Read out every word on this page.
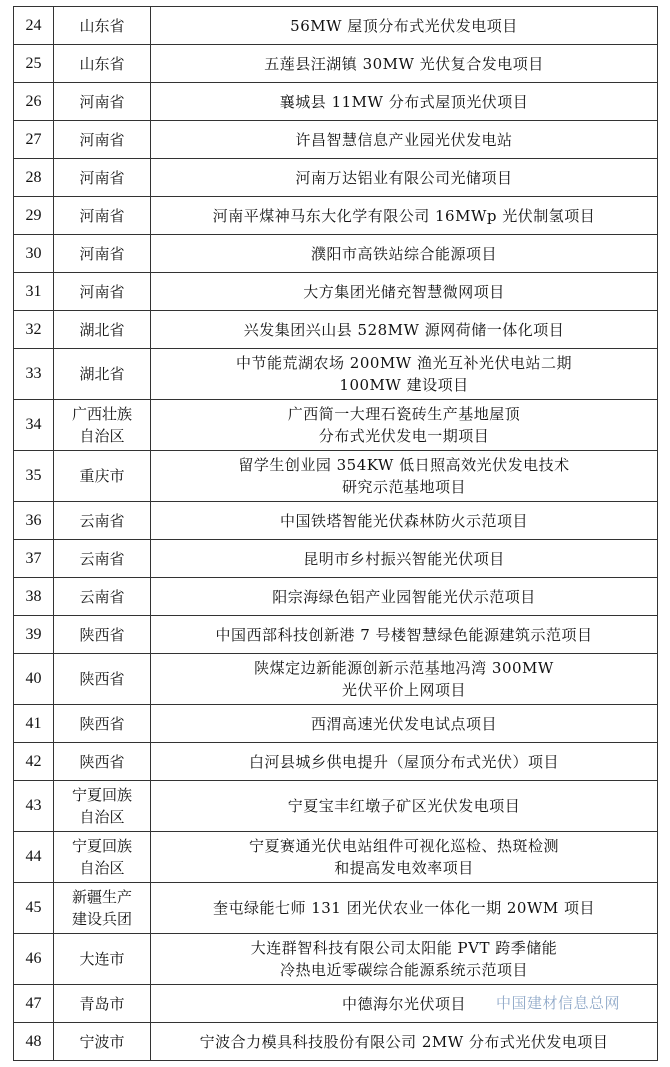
24	山东省	56MW 屋顶分布式光伏发电项目

25	山东省	五莲县汪湖镇 30MW 光伏复合发电项目

26	河南省	襄城县 11MW 分布式屋顶光伏项目

27	河南省	许昌智慧信息产业园光伏发电站

28	河南省	河南万达铝业有限公司光储项目

29	河南省	河南平煤神马东大化学有限公司 16MWp 光伏制氢项目

30	河南省	濮阳市高铁站综合能源项目

31	河南省	大方集团光储充智慧微网项目

32	湖北省	兴发集团兴山县 528MW 源网荷储一体化项目

33	湖北省	中节能荒湖农场 200MW 渔光互补光伏电站二期
100MW 建设项目

34	广西壮族
自治区	广西简一大理石瓷砖生产基地屋顶
分布式光伏发电一期项目

35	重庆市	留学生创业园 354KW 低日照高效光伏发电技术
研究示范基地项目

36	云南省	中国铁塔智能光伏森林防火示范项目

37	云南省	昆明市乡村振兴智能光伏项目

38	云南省	阳宗海绿色铝产业园智能光伏示范项目

39	陕西省	中国西部科技创新港 7 号楼智慧绿色能源建筑示范项目

40	陕西省	陕煤定边新能源创新示范基地冯湾 300MW
光伏平价上网项目

41	陕西省	西渭高速光伏发电试点项目

42	陕西省	白河县城乡供电提升（屋顶分布式光伏）项目

43	宁夏回族
自治区	宁夏宝丰红墩子矿区光伏发电项目

44	宁夏回族
自治区	宁夏赛通光伏电站组件可视化巡检、热斑检测
和提高发电效率项目

45	新疆生产
建设兵团	奎屯绿能七师 131 团光伏农业一体化一期 20WM 项目

46	大连市	大连群智科技有限公司太阳能 PVT 跨季储能
冷热电近零碳综合能源系统示范项目

47	青岛市	中德海尔光伏项目

48	宁波市	宁波合力模具科技股份有限公司 2MW 分布式光伏发电项目
中国建材信息总网
